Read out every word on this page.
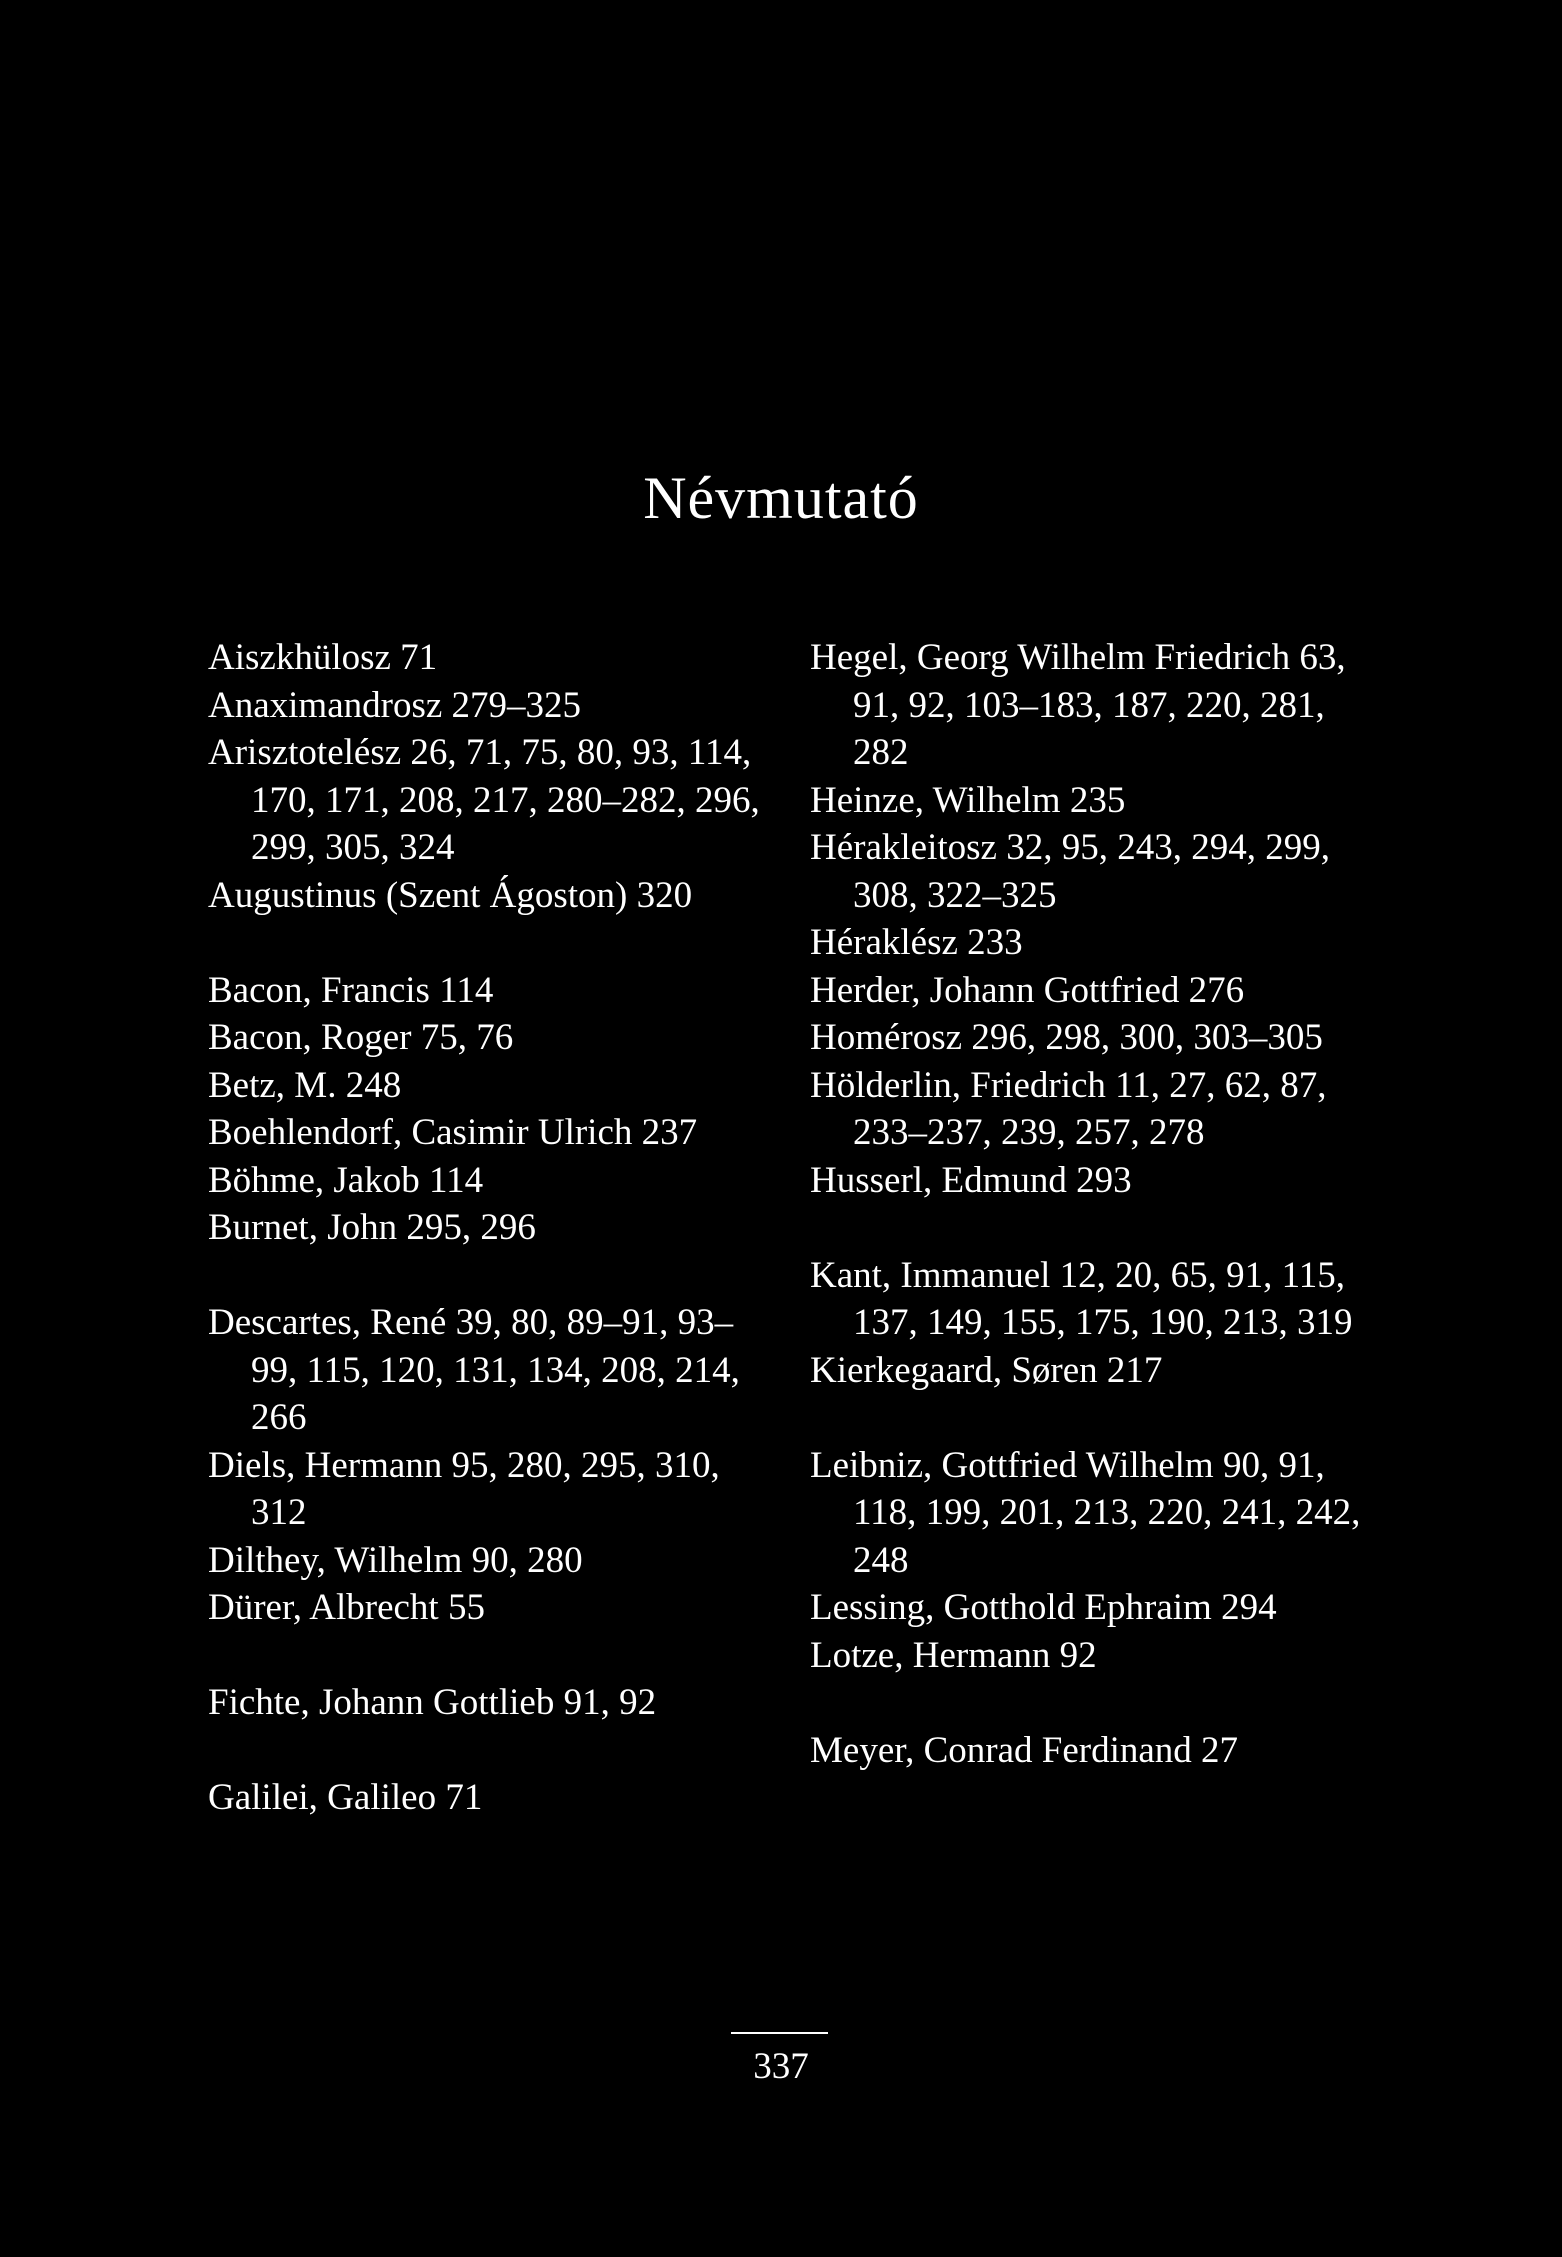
Névmutató

Aiszkhülosz 71

Anaximandrosz 279–325

Arisztotelész 26, 71, 75, 80, 93, 114, 170, 171, 208, 217, 280–282, 296, 299, 305, 324

Augustinus (Szent Ágoston) 320

Bacon, Francis 114

Bacon, Roger 75, 76

Betz, M. 248

Boehlendorf, Casimir Ulrich 237

Böhme, Jakob 114

Burnet, John 295, 296

Descartes, René 39, 80, 89–91, 93–99, 115, 120, 131, 134, 208, 214, 266

Diels, Hermann 95, 280, 295, 310, 312

Dilthey, Wilhelm 90, 280

Dürer, Albrecht 55

Fichte, Johann Gottlieb 91, 92

Galilei, Galileo 71

Hegel, Georg Wilhelm Friedrich 63, 91, 92, 103–183, 187, 220, 281, 282

Heinze, Wilhelm 235

Hérakleitosz 32, 95, 243, 294, 299, 308, 322–325

Héraklész 233

Herder, Johann Gottfried 276

Homérosz 296, 298, 300, 303–305

Hölderlin, Friedrich 11, 27, 62, 87, 233–237, 239, 257, 278

Husserl, Edmund 293

Kant, Immanuel 12, 20, 65, 91, 115, 137, 149, 155, 175, 190, 213, 319

Kierkegaard, Søren 217

Leibniz, Gottfried Wilhelm 90, 91, 118, 199, 201, 213, 220, 241, 242, 248

Lessing, Gotthold Ephraim 294

Lotze, Hermann 92

Meyer, Conrad Ferdinand 27

337
